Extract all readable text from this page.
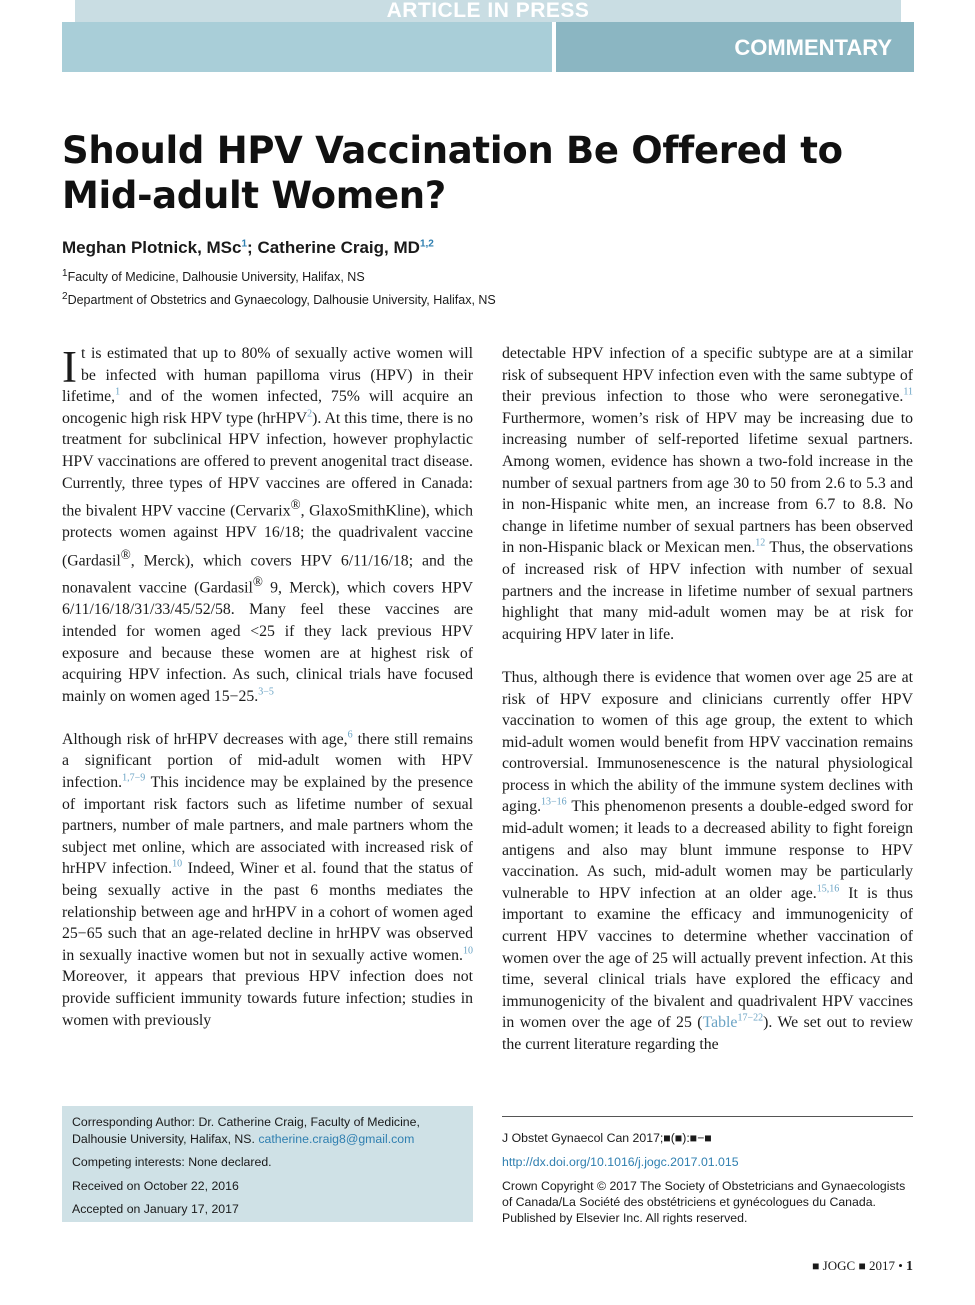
ARTICLE IN PRESS
COMMENTARY
Should HPV Vaccination Be Offered to
Mid-adult Women?
Meghan Plotnick, MSc$^1$; Catherine Craig, MD$^{1,2}$
$^1$Faculty of Medicine, Dalhousie University, Halifax, NS
$^2$Department of Obstetrics and Gynaecology, Dalhousie University, Halifax, NS

It is estimated that up to 80% of sexually active women will be infected with human papilloma virus (HPV) in their lifetime,$^1$ and of the women infected, 75% will acquire an oncogenic high risk HPV type (hrHPV$^2$). At this time, there is no treatment for subclinical HPV infection, however prophylactic HPV vaccinations are offered to prevent anogenital tract disease. Currently, three types of HPV vaccines are offered in Canada: the bivalent HPV vaccine (Cervarix®, GlaxoSmithKline), which protects women against HPV 16/18; the quadrivalent vaccine (Gardasil®, Merck), which covers HPV 6/11/16/18; and the nonavalent vaccine (Gardasil® 9, Merck), which covers HPV 6/11/16/18/31/33/45/52/58. Many feel these vaccines are intended for women aged <25 if they lack previous HPV exposure and because these women are at highest risk of acquiring HPV infection. As such, clinical trials have focused mainly on women aged 15−25.$^{3-5}$

Although risk of hrHPV decreases with age,$^6$ there still remains a significant portion of mid-adult women with HPV infection.$^{1,7-9}$ This incidence may be explained by the presence of important risk factors such as lifetime number of sexual partners, number of male partners, and male partners whom the subject met online, which are associated with increased risk of hrHPV infection.$^{10}$ Indeed, Winer et al. found that the status of being sexually active in the past 6 months mediates the relationship between age and hrHPV in a cohort of women aged 25−65 such that an age-related decline in hrHPV was observed in sexually inactive women but not in sexually active women.$^{10}$ Moreover, it appears that previous HPV infection does not provide sufficient immunity towards future infection; studies in women with previously

detectable HPV infection of a specific subtype are at a similar risk of subsequent HPV infection even with the same subtype of their previous infection to those who were seronegative.$^{11}$ Furthermore, women’s risk of HPV may be increasing due to increasing number of self-reported lifetime sexual partners. Among women, evidence has shown a two-fold increase in the number of sexual partners from age 30 to 50 from 2.6 to 5.3 and in non-Hispanic white men, an increase from 6.7 to 8.8. No change in lifetime number of sexual partners has been observed in non-Hispanic black or Mexican men.$^{12}$ Thus, the observations of increased risk of HPV infection with number of sexual partners and the increase in lifetime number of sexual partners highlight that many mid-adult women may be at risk for acquiring HPV later in life.

Thus, although there is evidence that women over age 25 are at risk of HPV exposure and clinicians currently offer HPV vaccination to women of this age group, the extent to which mid-adult women would benefit from HPV vaccination remains controversial. Immunosenescence is the natural physiological process in which the ability of the immune system declines with aging.$^{13-16}$ This phenomenon presents a double-edged sword for mid-adult women; it leads to a decreased ability to fight foreign antigens and also may blunt immune response to HPV vaccination. As such, mid-adult women may be particularly vulnerable to HPV infection at an older age.$^{15,16}$ It is thus important to examine the efficacy and immunogenicity of current HPV vaccines to determine whether vaccination of women over the age of 25 will actually prevent infection. At this time, several clinical trials have explored the efficacy and immunogenicity of the bivalent and quadrivalent HPV vaccines in women over the age of 25 (Table$^{17-22}$). We set out to review the current literature regarding the

Corresponding Author: Dr. Catherine Craig, Faculty of Medicine, Dalhousie University, Halifax, NS. catherine.craig8@gmail.com
Competing interests: None declared.
Received on October 22, 2016
Accepted on January 17, 2017
J Obstet Gynaecol Can 2017;■(■):■−■
http://dx.doi.org/10.1016/j.jogc.2017.01.015
Crown Copyright © 2017 The Society of Obstetricians and Gynaecologists of Canada/La Société des obstétriciens et gynécologues du Canada. Published by Elsevier Inc. All rights reserved.
■ JOGC ■ 2017 • 1
